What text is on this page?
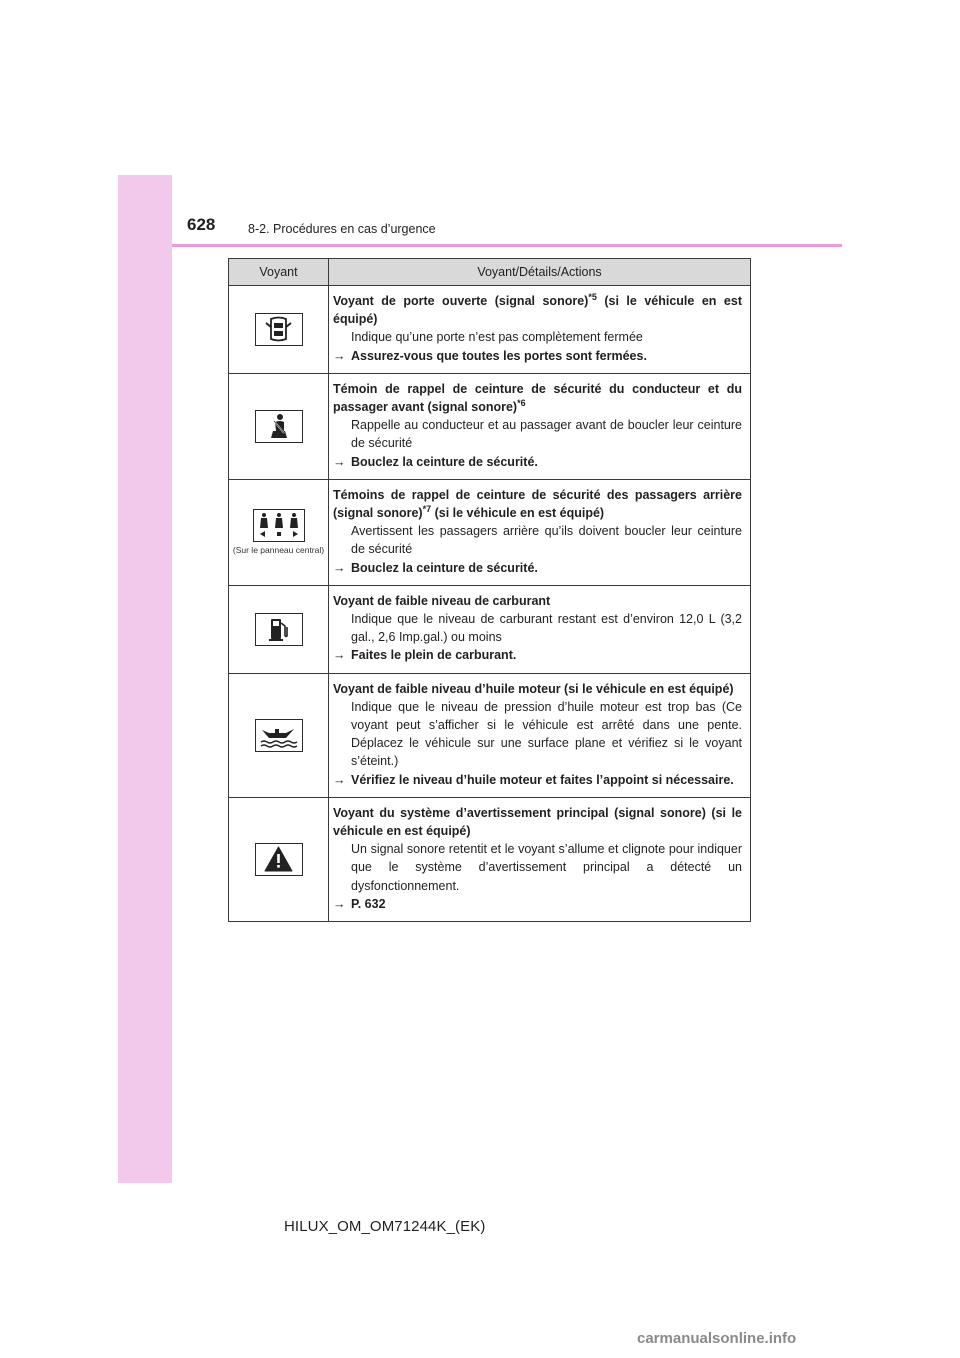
628	8-2. Procédures en cas d’urgence
Voyant	Voyant/Détails/Actions

Voyant de porte ouverte (signal sonore)$^{*5}$ (si le véhicule en est équipé)
Indique qu’une porte n’est pas complètement fermée
→ Assurez-vous que toutes les portes sont fermées.

Témoin de rappel de ceinture de sécurité du conducteur et du passager avant (signal sonore)$^{*6}$
Rappelle au conducteur et au passager avant de boucler leur ceinture de sécurité
→ Bouclez la ceinture de sécurité.

(Sur le panneau central)	Témoins de rappel de ceinture de sécurité des passagers arrière (signal sonore)$^{*7}$ (si le véhicule en est équipé)
Avertissent les passagers arrière qu’ils doivent boucler leur ceinture de sécurité
→ Bouclez la ceinture de sécurité.

Voyant de faible niveau de carburant
Indique que le niveau de carburant restant est d’environ 12,0 L (3,2 gal., 2,6 Imp.gal.) ou moins
→ Faites le plein de carburant.

Voyant de faible niveau d’huile moteur (si le véhicule en est équipé)
Indique que le niveau de pression d’huile moteur est trop bas (Ce voyant peut s’afficher si le véhicule est arrêté dans une pente. Déplacez le véhicule sur une surface plane et vérifiez si le voyant s’éteint.)
→ Vérifiez le niveau d’huile moteur et faites l’appoint si nécessaire.

Voyant du système d’avertissement principal (signal sonore) (si le véhicule en est équipé)
Un signal sonore retentit et le voyant s’allume et clignote pour indiquer que le système d’avertissement principal a détecté un dysfonctionnement.
→ P. 632
HILUX_OM_OM71244K_(EK)
carmanualsonline.info
